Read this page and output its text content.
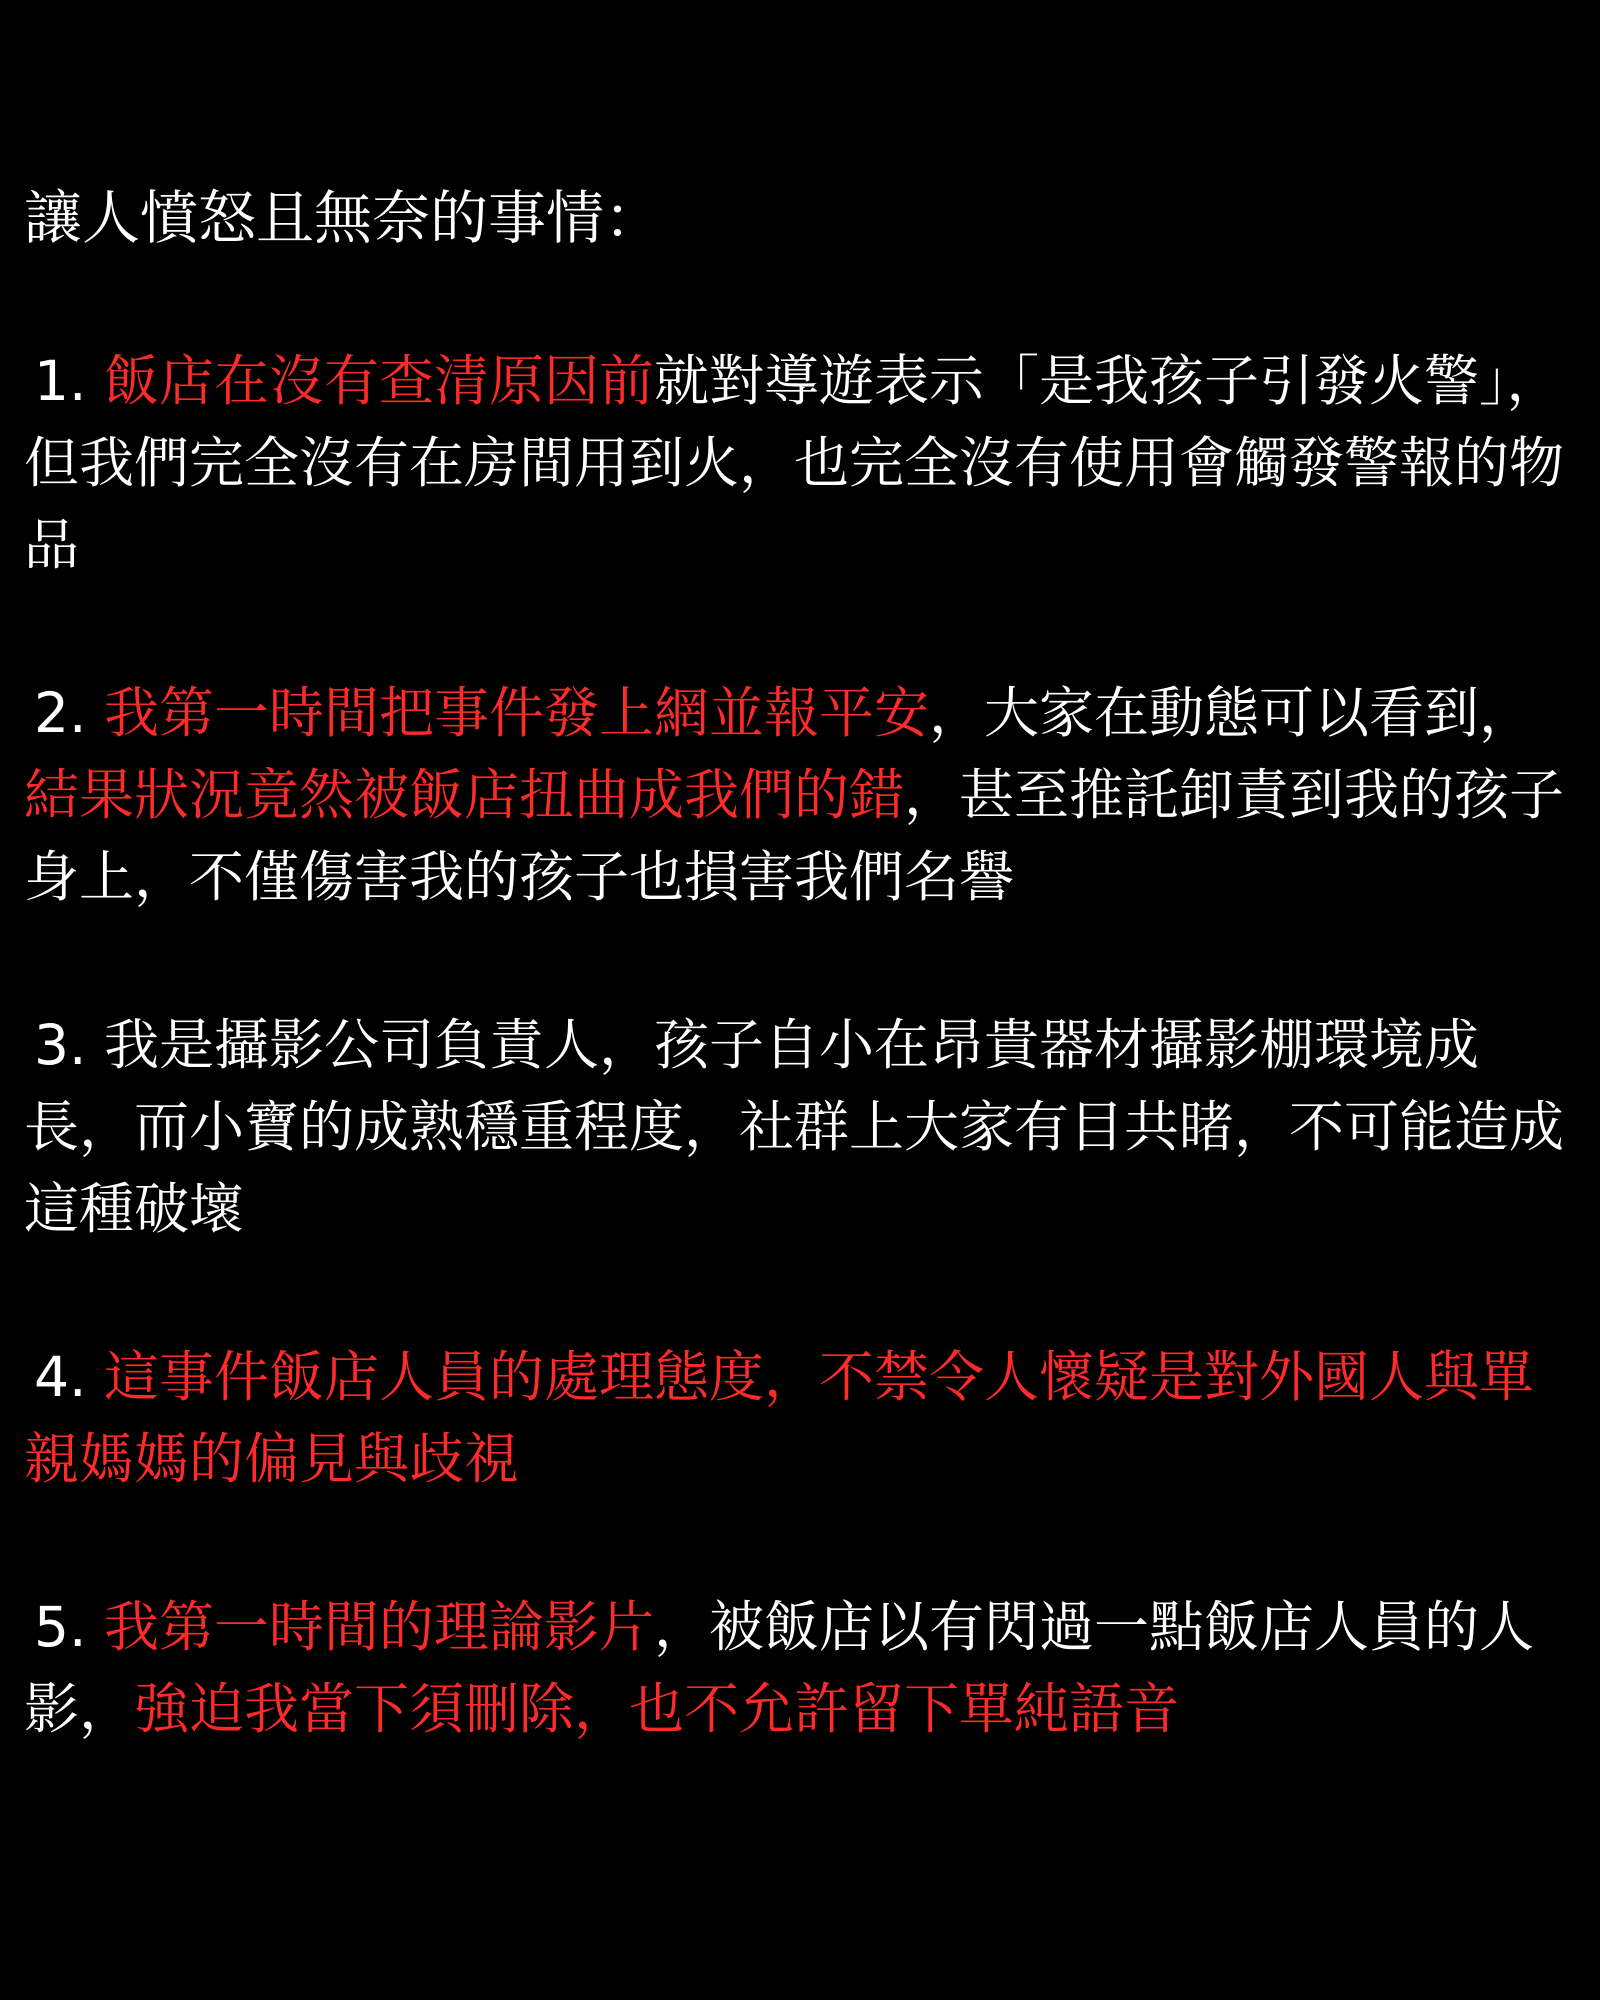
讓人憤怒且無奈的事情：
1. 飯店在沒有查清原因前就對導遊表示「是我孩子引發火警」，但我們完全沒有在房間用到火，也完全沒有使用會觸發警報的物品
2. 我第一時間把事件發上網並報平安，大家在動態可以看到，結果狀況竟然被飯店扭曲成我們的錯，甚至推託卸責到我的孩子身上，不僅傷害我的孩子也損害我們名譽
3. 我是攝影公司負責人，孩子自小在昂貴器材攝影棚環境成長，而小寶的成熟穩重程度，社群上大家有目共睹，不可能造成這種破壞
4. 這事件飯店人員的處理態度，不禁令人懷疑是對外國人與單親媽媽的偏見與歧視
5. 我第一時間的理論影片，被飯店以有閃過一點飯店人員的人影，強迫我當下須刪除，也不允許留下單純語音
